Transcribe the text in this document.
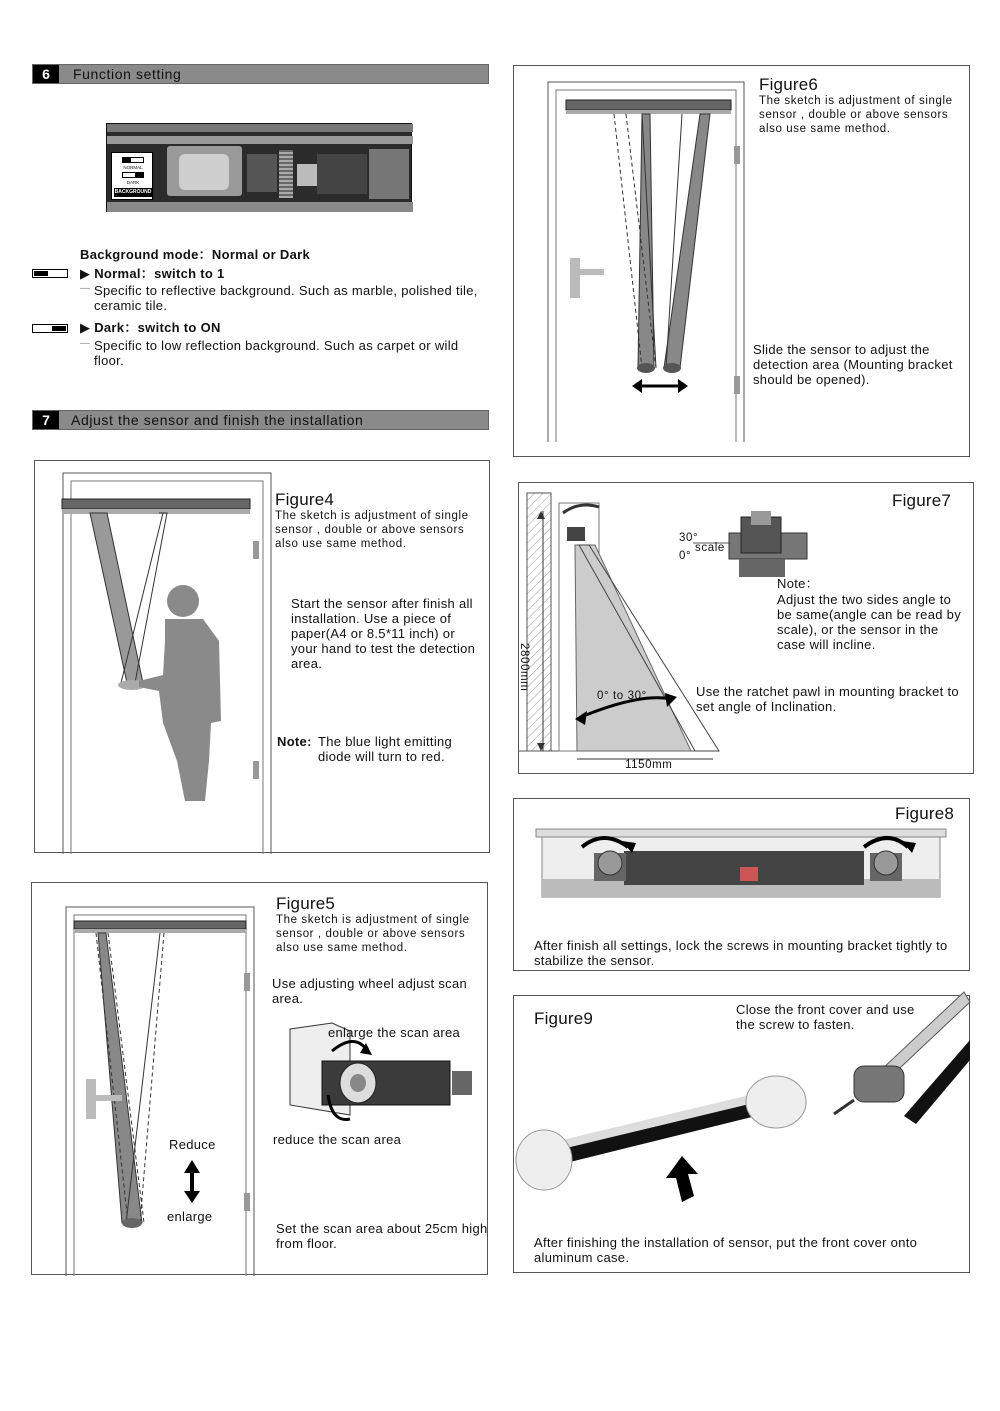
6	Function setting
NORMAL
DARK
BACKGROUND
Background mode：Normal or Dark
▶ Normal：switch to 1
— Specific to reflective background. Such as marble, polished tile, ceramic tile.
▶ Dark：switch to ON
— Specific to low reflection background. Such as carpet or wild floor.
7	Adjust the sensor and finish the installation
Figure4
The sketch is adjustment of single sensor , double or above sensors also use same method.
Start the sensor after finish all installation. Use a piece of paper(A4 or 8.5*11 inch) or your hand to test the detection area.
Note: The blue light emitting diode will turn to red.
Figure5
The sketch is adjustment of single sensor , double or above sensors also use same method.
Use adjusting wheel adjust scan area.
enlarge the scan area
reduce the scan area
Reduce
enlarge
Set the scan area about 25cm high from floor.
Figure6
The sketch is adjustment of single sensor , double or above sensors also use same method.
Slide the sensor to adjust the detection area (Mounting bracket should be opened).
Figure7
30°
scale
0°
Note：
Adjust the two sides angle to be same(angle can be read by scale), or the sensor in the case will incline.
2800mm
0° to 30°
1150mm
Use the ratchet pawl in mounting bracket to set angle of Inclination.
Figure8
After finish all settings, lock the screws in mounting bracket tightly to stabilize the sensor.
Figure9	Close the front cover and use the screw to fasten.
After finishing the installation of sensor, put the front cover onto aluminum case.
